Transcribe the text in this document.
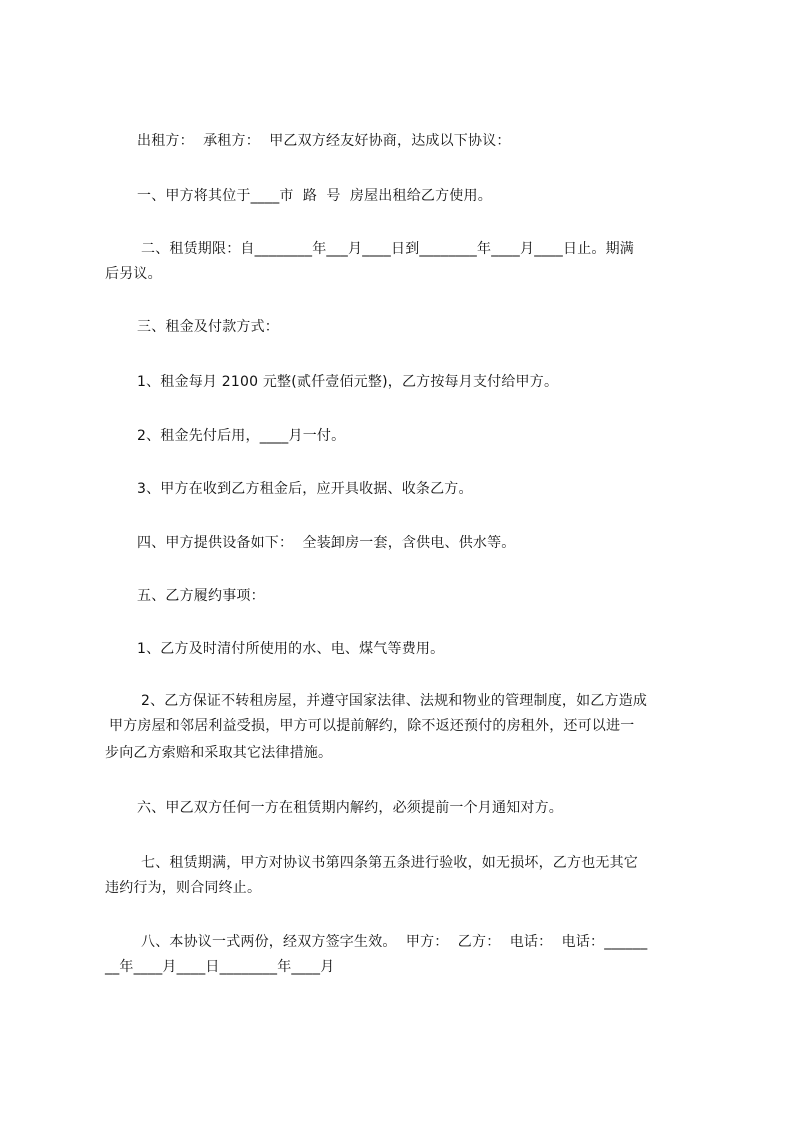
出租方：  承租方：  甲乙双方经友好协商，达成以下协议：
一、甲方将其位于____市  路  号  房屋出租给乙方使用。
二、租赁期限：自________年___月____日到________年____月____日止。期满
后另议。
三、租金及付款方式：
1、租金每月 2100 元整(贰仟壹佰元整)，乙方按每月支付给甲方。
2、租金先付后用，____月一付。
3、甲方在收到乙方租金后，应开具收据、收条乙方。
四、甲方提供设备如下：  全装卸房一套，含供电、供水等。
五、乙方履约事项：
1、乙方及时清付所使用的水、电、煤气等费用。
2、乙方保证不转租房屋，并遵守国家法律、法规和物业的管理制度，如乙方造成
甲方房屋和邻居利益受损，甲方可以提前解约，除不返还预付的房租外，还可以进一
步向乙方索赔和采取其它法律措施。
六、甲乙双方任何一方在租赁期内解约，必须提前一个月通知对方。
七、租赁期满，甲方对协议书第四条第五条进行验收，如无损坏，乙方也无其它
违约行为，则合同终止。
八、本协议一式两份，经双方签字生效。  甲方：  乙方：  电话：  电话：______
__年____月____日________年____月
